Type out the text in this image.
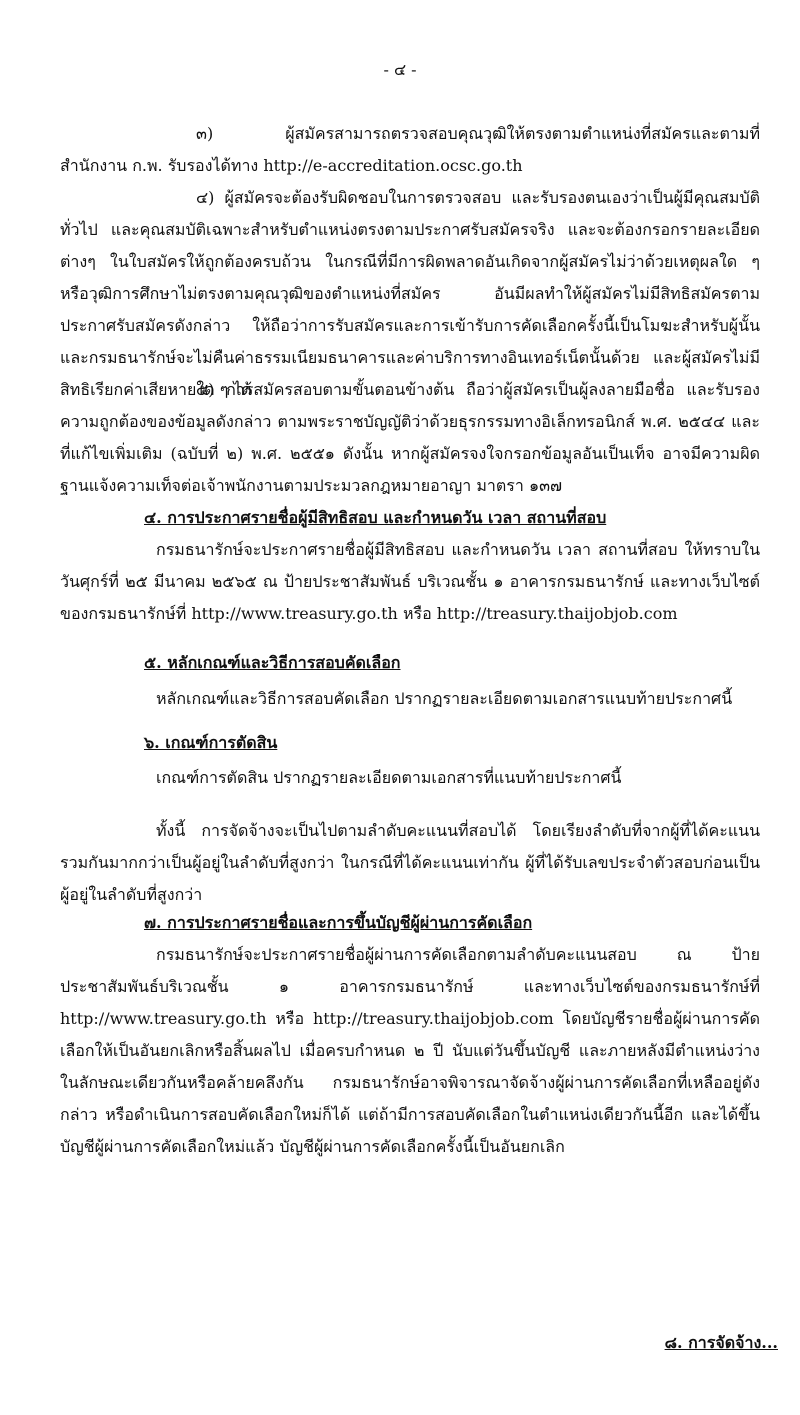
- ๔ -

๓) ผู้สมัครสามารถตรวจสอบคุณวุฒิให้ตรงตามตำแหน่งที่สมัครและตามที่สำนักงาน ก.พ. รับรองได้ทาง http://e-accreditation.ocsc.go.th

๔) ผู้สมัครจะต้องรับผิดชอบในการตรวจสอบ และรับรองตนเองว่าเป็นผู้มีคุณสมบัติทั่วไป และคุณสมบัติเฉพาะสำหรับตำแหน่งตรงตามประกาศรับสมัครจริง และจะต้องกรอกรายละเอียดต่างๆ ในใบสมัครให้ถูกต้องครบถ้วน ในกรณีที่มีการผิดพลาดอันเกิดจากผู้สมัครไม่ว่าด้วยเหตุผลใด ๆ หรือวุฒิการศึกษาไม่ตรงตามคุณวุฒิของตำแหน่งที่สมัคร อันมีผลทำให้ผู้สมัครไม่มีสิทธิสมัครตามประกาศรับสมัครดังกล่าว ให้ถือว่าการรับสมัครและการเข้ารับการคัดเลือกครั้งนี้เป็นโมฆะสำหรับผู้นั้น และกรมธนารักษ์จะไม่คืนค่าธรรมเนียมธนาคารและค่าบริการทางอินเทอร์เน็ตนั้นด้วย และผู้สมัครไม่มีสิทธิเรียกค่าเสียหายใด ๆ ได้

๕) การสมัครสอบตามขั้นตอนข้างต้น ถือว่าผู้สมัครเป็นผู้ลงลายมือชื่อ และรับรองความถูกต้องของข้อมูลดังกล่าว ตามพระราชบัญญัติว่าด้วยธุรกรรมทางอิเล็กทรอนิกส์ พ.ศ. ๒๕๔๔ และที่แก้ไขเพิ่มเติม (ฉบับที่ ๒) พ.ศ. ๒๕๕๑ ดังนั้น หากผู้สมัครจงใจกรอกข้อมูลอันเป็นเท็จ อาจมีความผิดฐานแจ้งความเท็จต่อเจ้าพนักงานตามประมวลกฎหมายอาญา มาตรา ๑๓๗

๔. การประกาศรายชื่อผู้มีสิทธิสอบ และกำหนดวัน เวลา สถานที่สอบ

กรมธนารักษ์จะประกาศรายชื่อผู้มีสิทธิสอบ และกำหนดวัน เวลา สถานที่สอบ ให้ทราบในวันศุกร์ที่ ๒๕ มีนาคม ๒๕๖๕ ณ ป้ายประชาสัมพันธ์ บริเวณชั้น ๑ อาคารกรมธนารักษ์ และทางเว็บไซต์ของกรมธนารักษ์ที่ http://www.treasury.go.th หรือ http://treasury.thaijobjob.com

๕. หลักเกณฑ์และวิธีการสอบคัดเลือก

หลักเกณฑ์และวิธีการสอบคัดเลือก ปรากฏรายละเอียดตามเอกสารแนบท้ายประกาศนี้

๖. เกณฑ์การตัดสิน

เกณฑ์การตัดสิน ปรากฏรายละเอียดตามเอกสารที่แนบท้ายประกาศนี้

ทั้งนี้ การจัดจ้างจะเป็นไปตามลำดับคะแนนที่สอบได้ โดยเรียงลำดับที่จากผู้ที่ได้คะแนนรวมกันมากกว่าเป็นผู้อยู่ในลำดับที่สูงกว่า ในกรณีที่ได้คะแนนเท่ากัน ผู้ที่ได้รับเลขประจำตัวสอบก่อนเป็นผู้อยู่ในลำดับที่สูงกว่า

๗. การประกาศรายชื่อและการขึ้นบัญชีผู้ผ่านการคัดเลือก

กรมธนารักษ์จะประกาศรายชื่อผู้ผ่านการคัดเลือกตามลำดับคะแนนสอบ ณ ป้ายประชาสัมพันธ์บริเวณชั้น ๑ อาคารกรมธนารักษ์ และทางเว็บไซต์ของกรมธนารักษ์ที่ http://www.treasury.go.th หรือ http://treasury.thaijobjob.com โดยบัญชีรายชื่อผู้ผ่านการคัดเลือกให้เป็นอันยกเลิกหรือสิ้นผลไป เมื่อครบกำหนด ๒ ปี นับแต่วันขึ้นบัญชี และภายหลังมีตำแหน่งว่างในลักษณะเดียวกันหรือคล้ายคลึงกัน กรมธนารักษ์อาจพิจารณาจัดจ้างผู้ผ่านการคัดเลือกที่เหลืออยู่ดังกล่าว หรือดำเนินการสอบคัดเลือกใหม่ก็ได้ แต่ถ้ามีการสอบคัดเลือกในตำแหน่งเดียวกันนี้อีก และได้ขึ้นบัญชีผู้ผ่านการคัดเลือกใหม่แล้ว บัญชีผู้ผ่านการคัดเลือกครั้งนี้เป็นอันยกเลิก

๘. การจัดจ้าง...
